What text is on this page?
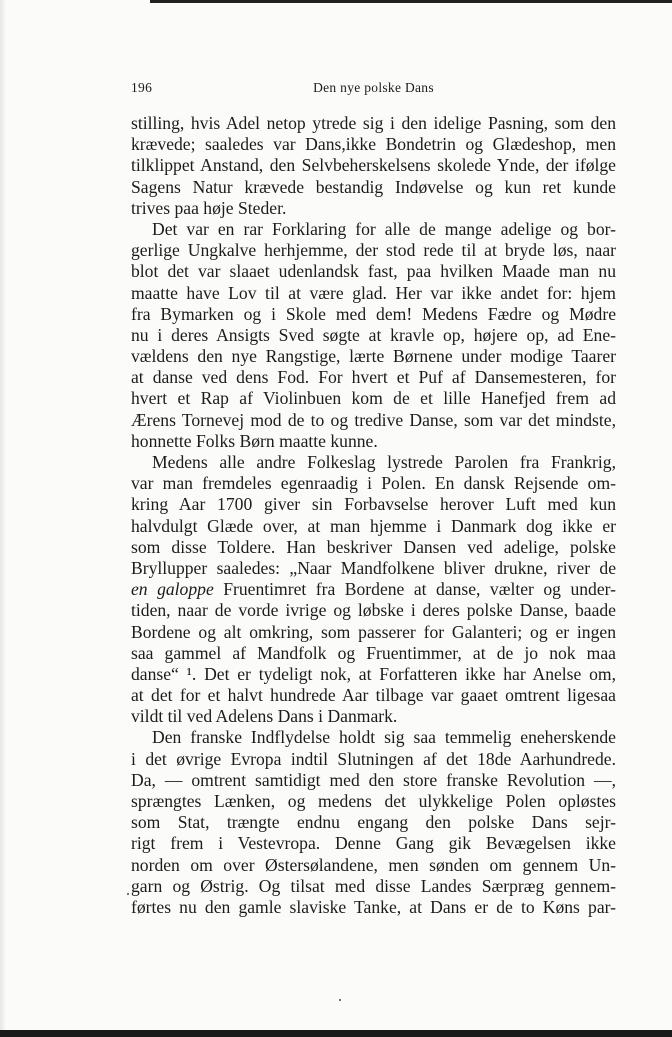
196	Den nye polske Dans
stilling, hvis Adel netop ytrede sig i den idelige Pasning, som den
krævede; saaledes var Dans,ikke Bondetrin og Glædeshop, men
tilklippet Anstand, den Selvbeherskelsens skolede Ynde, der ifølge
Sagens Natur krævede bestandig Indøvelse og kun ret kunde
trives paa høje Steder.
Det var en rar Forklaring for alle de mange adelige og bor-
gerlige Ungkalve herhjemme, der stod rede til at bryde løs, naar
blot det var slaaet udenlandsk fast, paa hvilken Maade man nu
maatte have Lov til at være glad. Her var ikke andet for: hjem
fra Bymarken og i Skole med dem! Medens Fædre og Mødre
nu i deres Ansigts Sved søgte at kravle op, højere op, ad Ene-
vældens den nye Rangstige, lærte Børnene under modige Taarer
at danse ved dens Fod. For hvert et Puf af Dansemesteren, for
hvert et Rap af Violinbuen kom de et lille Hanefjed frem ad
Ærens Tornevej mod de to og tredive Danse, som var det mindste,
honnette Folks Børn maatte kunne.
Medens alle andre Folkeslag lystrede Parolen fra Frankrig,
var man fremdeles egenraadig i Polen. En dansk Rejsende om-
kring Aar 1700 giver sin Forbavselse herover Luft med kun
halvdulgt Glæde over, at man hjemme i Danmark dog ikke er
som disse Toldere. Han beskriver Dansen ved adelige, polske
Bryllupper saaledes: „Naar Mandfolkene bliver drukne, river de
en galoppe Fruentimret fra Bordene at danse, vælter og under-
tiden, naar de vorde ivrige og løbske i deres polske Danse, baade
Bordene og alt omkring, som passerer for Galanteri; og er ingen
saa gammel af Mandfolk og Fruentimmer, at de jo nok maa
danse“ ¹. Det er tydeligt nok, at Forfatteren ikke har Anelse om,
at det for et halvt hundrede Aar tilbage var gaaet omtrent ligesaa
vildt til ved Adelens Dans i Danmark.
Den franske Indflydelse holdt sig saa temmelig eneherskende
i det øvrige Evropa indtil Slutningen af det 18de Aarhundrede.
Da, — omtrent samtidigt med den store franske Revolution —,
sprængtes Lænken, og medens det ulykkelige Polen opløstes
som Stat, trængte endnu engang den polske Dans sejr-
rigt frem i Vestevropa. Denne Gang gik Bevægelsen ikke
norden om over Østersølandene, men sønden om gennem Un-
garn og Østrig. Og tilsat med disse Landes Særpræg gennem-
førtes nu den gamle slaviske Tanke, at Dans er de to Køns par-
